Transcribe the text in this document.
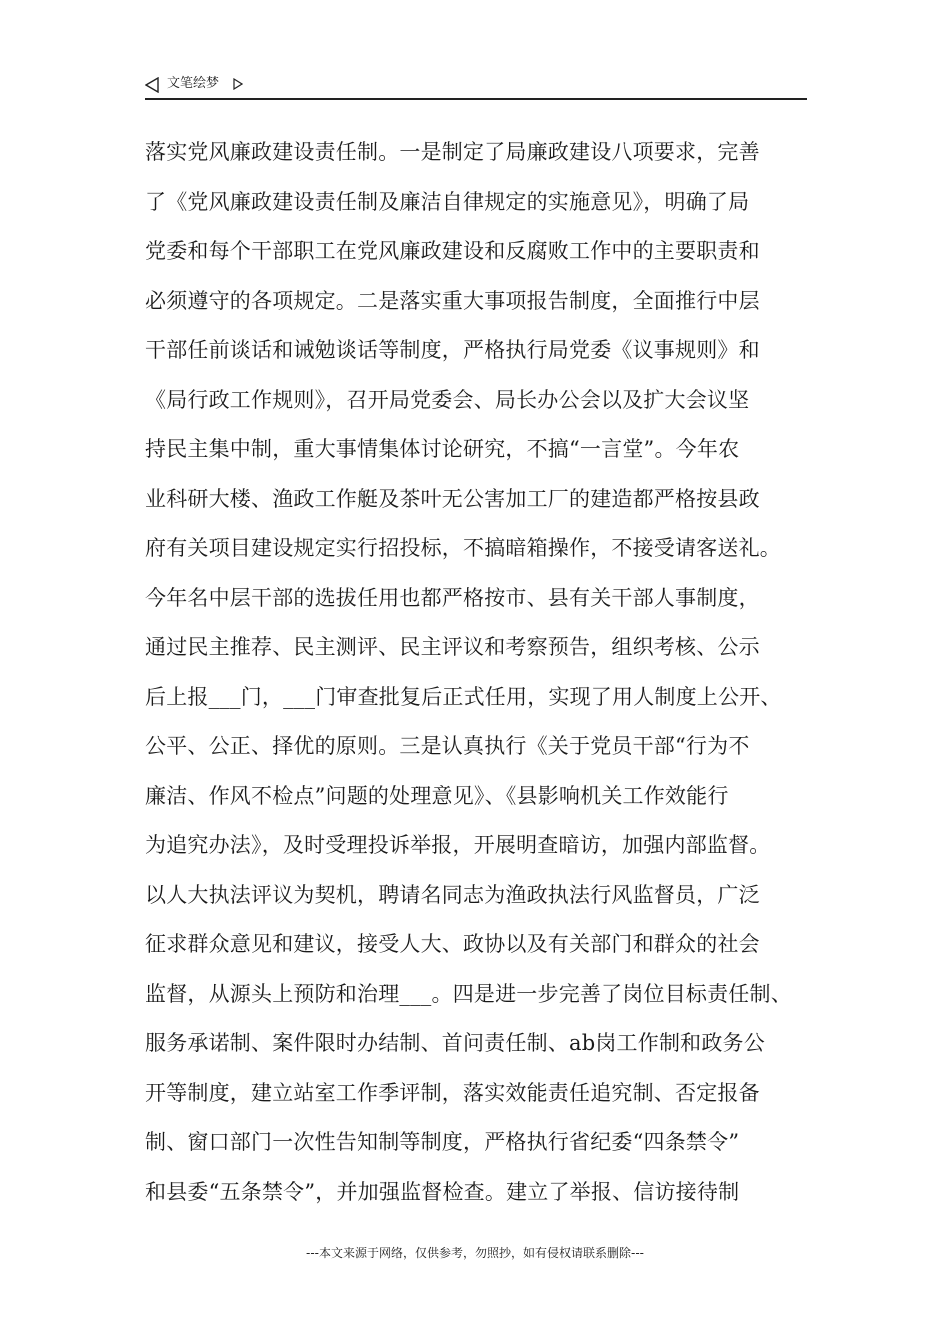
文笔绘梦
落实党风廉政建设责任制。一是制定了局廉政建设八项要求，完善
了《党风廉政建设责任制及廉洁自律规定的实施意见》，明确了局
党委和每个干部职工在党风廉政建设和反腐败工作中的主要职责和
必须遵守的各项规定。二是落实重大事项报告制度，全面推行中层
干部任前谈话和诫勉谈话等制度，严格执行局党委《议事规则》和
《局行政工作规则》，召开局党委会、局长办公会以及扩大会议坚
持民主集中制，重大事情集体讨论研究，不搞“一言堂”。今年农
业科研大楼、渔政工作艇及茶叶无公害加工厂的建造都严格按县政
府有关项目建设规定实行招投标，不搞暗箱操作，不接受请客送礼。
今年名中层干部的选拔任用也都严格按市、县有关干部人事制度，
通过民主推荐、民主测评、民主评议和考察预告，组织考核、公示
后上报___门，___门审查批复后正式任用，实现了用人制度上公开、
公平、公正、择优的原则。三是认真执行《关于党员干部“行为不
廉洁、作风不检点”问题的处理意见》、《县影响机关工作效能行
为追究办法》，及时受理投诉举报，开展明查暗访，加强内部监督。
以人大执法评议为契机，聘请名同志为渔政执法行风监督员，广泛
征求群众意见和建议，接受人大、政协以及有关部门和群众的社会
监督，从源头上预防和治理___。四是进一步完善了岗位目标责任制、
服务承诺制、案件限时办结制、首问责任制、ab岗工作制和政务公
开等制度，建立站室工作季评制，落实效能责任追究制、否定报备
制、窗口部门一次性告知制等制度，严格执行省纪委“四条禁令”
和县委“五条禁令”，并加强监督检查。建立了举报、信访接待制
---本文来源于网络，仅供参考，勿照抄，如有侵权请联系删除---
